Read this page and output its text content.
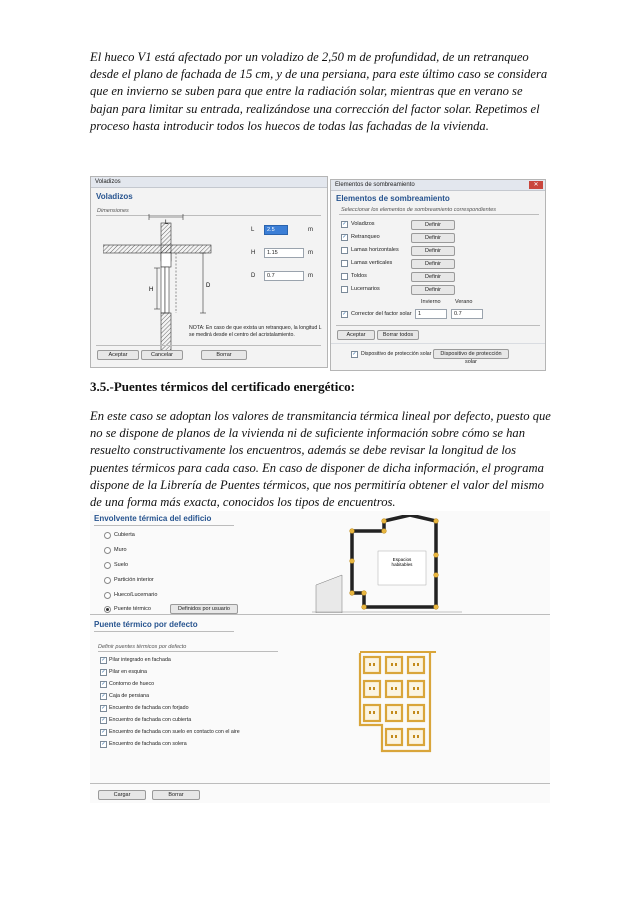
El hueco V1 está afectado por un voladizo de 2,50 m de profundidad, de un retranqueo desde el plano de fachada de 15 cm, y de una persiana, para este último caso se considera que en invierno se suben para que entre la radiación solar, mientras que en verano se bajan para limitar su entrada, realizándose una corrección del factor solar. Repetimos el proceso hasta introducir todos los huecos de todas las fachadas de la vivienda.
Voladizos
Voladizos
Dimensiones
H
D
L	2.5	m
H	1.15	m
D	0.7	m
NOTA: En caso de que exista un retranqueo, la longitud L se medirá desde el centro del acristalamiento.
Aceptar	Cancelar	Borrar
Elementos de sombreamiento	✕
Elementos de sombreamiento
Seleccionar los elementos de sombreamiento correspondientes
✓ Voladizos	Definir
✓ Retranqueo	Definir
Lamas horizontales	Definir
Lamas verticales	Definir
Toldos	Definir
Lucernarios	Definir
Invierno	Verano
✓ Corrector del factor solar	1	0.7
Aceptar	Borrar todos
✓ Dispositivo de protección solar	Dispositivo de protección solar
3.5.-Puentes térmicos del certificado energético:
En este caso se adoptan los valores de transmitancia térmica lineal por defecto, puesto que no se dispone de planos de la vivienda ni de suficiente información sobre cómo se han resuelto constructivamente los encuentros, además se debe revisar la longitud de los puentes térmicos para cada caso. En caso de disponer de dicha información, el programa dispone de la Librería de Puentes térmicos, que nos permitiría obtener el valor del mismo de una forma más exacta, conocidos los tipos de encuentros.
Envolvente térmica del edificio
Cubierta
Muro
Suelo
Partición interior
Hueco/Lucernario
Puente térmico	Definidos por usuario
Espacios
habitables
Puente térmico por defecto
Definir puentes térmicos por defecto
✓ Pilar integrado en fachada
✓ Pilar en esquina
✓ Contorno de hueco
✓ Caja de persiana
✓ Encuentro de fachada con forjado
✓ Encuentro de fachada con cubierta
✓ Encuentro de fachada con suelo en contacto con el aire
✓ Encuentro de fachada con solera
Cargar	Borrar
